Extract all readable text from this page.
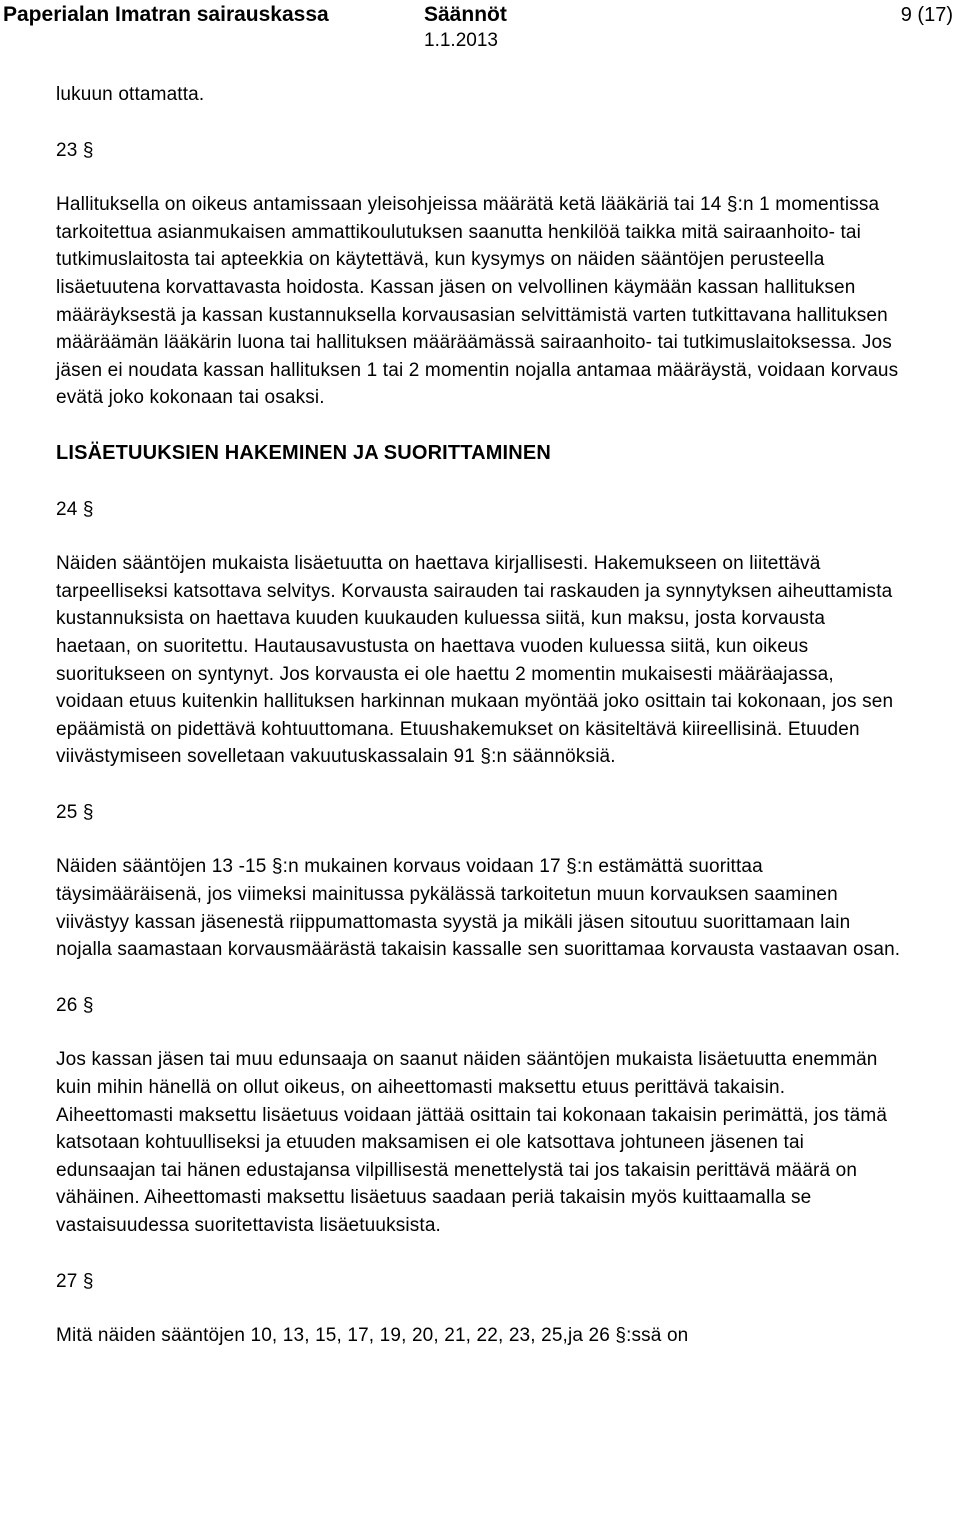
Paperialan Imatran sairauskassa	Säännöt
1.1.2013
9 (17)

lukuun ottamatta.

23 §

Hallituksella on oikeus antamissaan yleisohjeissa määrätä ketä lääkäriä tai 14 §:n 1 momentissa tarkoitettua asianmukaisen ammattikoulutuksen saanutta henkilöä taikka mitä sairaanhoito- tai tutkimuslaitosta tai apteekkia on käytettävä, kun kysymys on näiden sääntöjen perusteella lisäetuutena korvattavasta hoidosta. Kassan jäsen on velvollinen käymään kassan hallituksen määräyksestä ja kassan kustannuksella korvausasian selvittämistä varten tutkittavana hallituksen määräämän lääkärin luona tai hallituksen määräämässä sairaanhoito- tai tutkimuslaitoksessa. Jos jäsen ei noudata kassan hallituksen 1 tai 2 momentin nojalla antamaa määräystä, voidaan korvaus evätä joko kokonaan tai osaksi.

LISÄETUUKSIEN HAKEMINEN JA SUORITTAMINEN

24 §

Näiden sääntöjen mukaista lisäetuutta on haettava kirjallisesti. Hakemukseen on liitettävä tarpeelliseksi katsottava selvitys. Korvausta sairauden tai raskauden ja synnytyksen aiheuttamista kustannuksista on haettava kuuden kuukauden kuluessa siitä, kun maksu, josta korvausta haetaan, on suoritettu. Hautausavustusta on haettava vuoden kuluessa siitä, kun oikeus suoritukseen on syntynyt. Jos korvausta ei ole haettu 2 momentin mukaisesti määräajassa, voidaan etuus kuitenkin hallituksen harkinnan mukaan myöntää joko osittain tai kokonaan, jos sen epäämistä on pidettävä kohtuuttomana. Etuushakemukset on käsiteltävä kiireellisinä. Etuuden viivästymiseen sovelletaan vakuutuskassalain 91 §:n säännöksiä.

25 §

Näiden sääntöjen 13 -15 §:n mukainen korvaus voidaan 17 §:n estämättä suorittaa täysimääräisenä, jos viimeksi mainitussa pykälässä tarkoitetun muun korvauksen saaminen viivästyy kassan jäsenestä riippumattomasta syystä ja mikäli jäsen sitoutuu suorittamaan lain nojalla saamastaan korvausmäärästä takaisin kassalle sen suorittamaa korvausta vastaavan osan.

26 §

Jos kassan jäsen tai muu edunsaaja on saanut näiden sääntöjen mukaista lisäetuutta enemmän kuin mihin hänellä on ollut oikeus, on aiheettomasti maksettu etuus perittävä takaisin. Aiheettomasti maksettu lisäetuus voidaan jättää osittain tai kokonaan takaisin perimättä, jos tämä katsotaan kohtuulliseksi ja etuuden maksamisen ei ole katsottava johtuneen jäsenen tai edunsaajan tai hänen edustajansa vilpillisestä menettelystä tai jos takaisin perittävä määrä on vähäinen. Aiheettomasti maksettu lisäetuus saadaan periä takaisin myös kuittaamalla se vastaisuudessa suoritettavista lisäetuuksista.

27 §

Mitä näiden sääntöjen 10, 13, 15, 17, 19, 20, 21, 22, 23, 25,ja 26 §:ssä on
